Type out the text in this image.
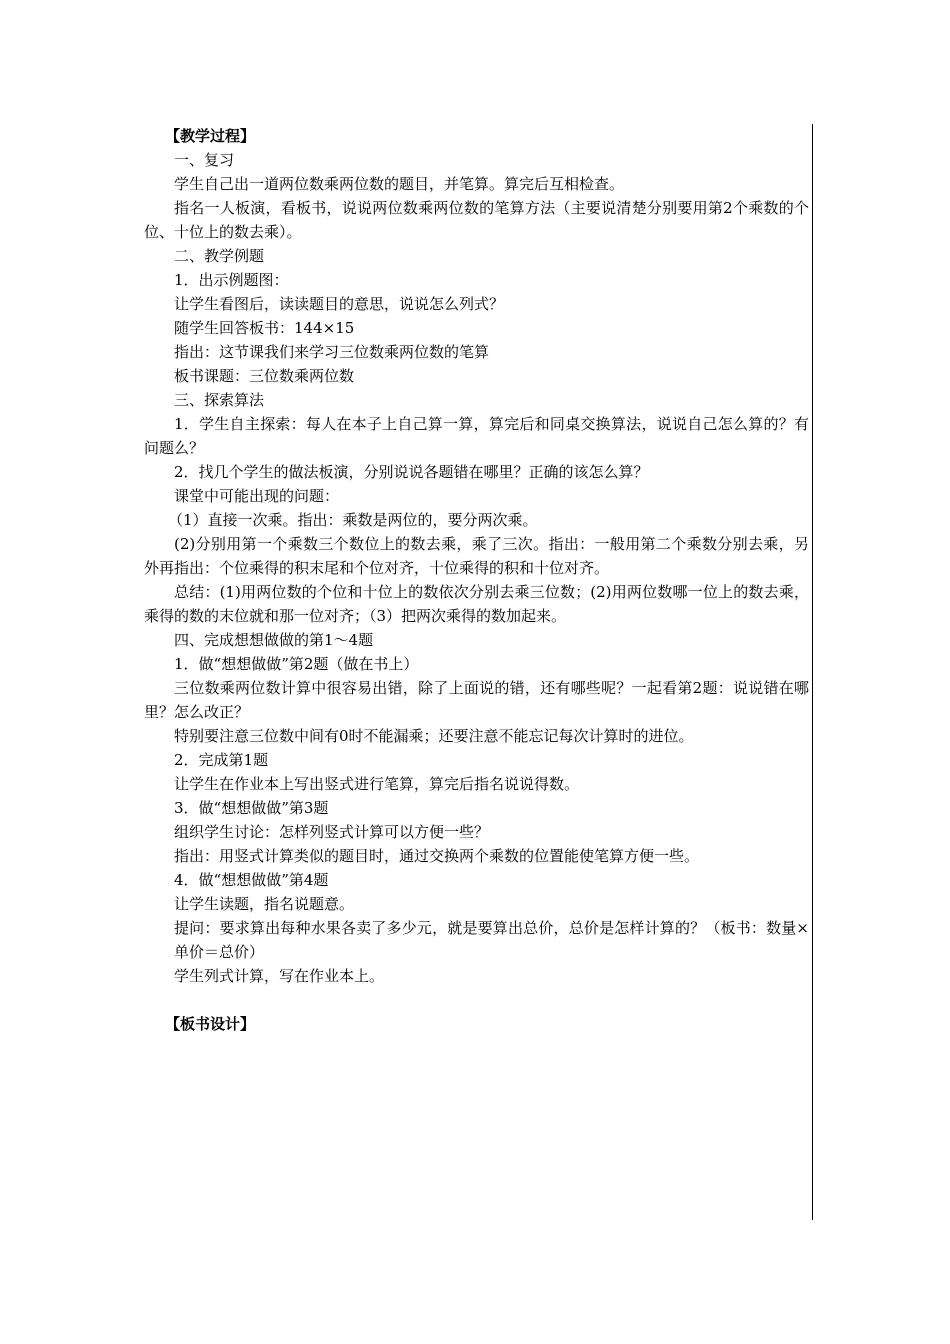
【教学过程】

一、复习

学生自己出一道两位数乘两位数的题目，并笔算。算完后互相检查。

指名一人板演，看板书，说说两位数乘两位数的笔算方法（主要说清楚分别要用第2个乘数的个位、十位上的数去乘）。

二、教学例题

1．出示例题图：

让学生看图后，读读题目的意思，说说怎么列式？

随学生回答板书：144×15

指出：这节课我们来学习三位数乘两位数的笔算

板书课题：三位数乘两位数

三、探索算法

1．学生自主探索：每人在本子上自己算一算，算完后和同桌交换算法，说说自己怎么算的？有问题么？

2．找几个学生的做法板演，分别说说各题错在哪里？正确的该怎么算？

课堂中可能出现的问题：

（1）直接一次乘。指出：乘数是两位的，要分两次乘。

(2)分别用第一个乘数三个数位上的数去乘，乘了三次。指出：一般用第二个乘数分别去乘，另外再指出：个位乘得的积末尾和个位对齐，十位乘得的积和十位对齐。

总结：(1)用两位数的个位和十位上的数依次分别去乘三位数；(2)用两位数哪一位上的数去乘，乘得的数的末位就和那一位对齐；（3）把两次乘得的数加起来。

四、完成想想做做的第1～4题

1．做“想想做做”第2题（做在书上）

三位数乘两位数计算中很容易出错，除了上面说的错，还有哪些呢？一起看第2题：说说错在哪里？怎么改正？

特别要注意三位数中间有0时不能漏乘；还要注意不能忘记每次计算时的进位。

2．完成第1题

让学生在作业本上写出竖式进行笔算，算完后指名说说得数。

3．做“想想做做”第3题

组织学生讨论：怎样列竖式计算可以方便一些？

指出：用竖式计算类似的题目时，通过交换两个乘数的位置能使笔算方便一些。

4．做“想想做做”第4题

让学生读题，指名说题意。

提问：要求算出每种水果各卖了多少元，就是要算出总价，总价是怎样计算的？（板书：数量×单价＝总价）

学生列式计算，写在作业本上。

【板书设计】
